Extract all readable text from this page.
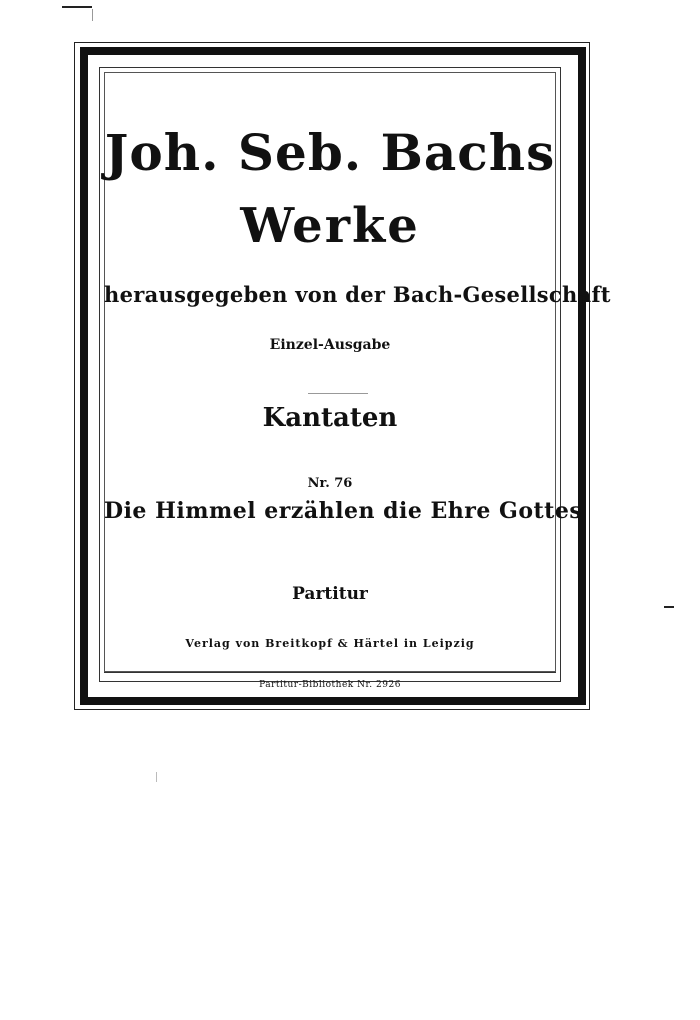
Joh. Seb. Bachs
Werke
herausgegeben von der Bach-Gesellschaft
Einzel-Ausgabe
Kantaten
Nr. 76
Die Himmel erzählen die Ehre Gottes
Partitur
Verlag von Breitkopf & Härtel in Leipzig
Partitur-Bibliothek Nr. 2926
